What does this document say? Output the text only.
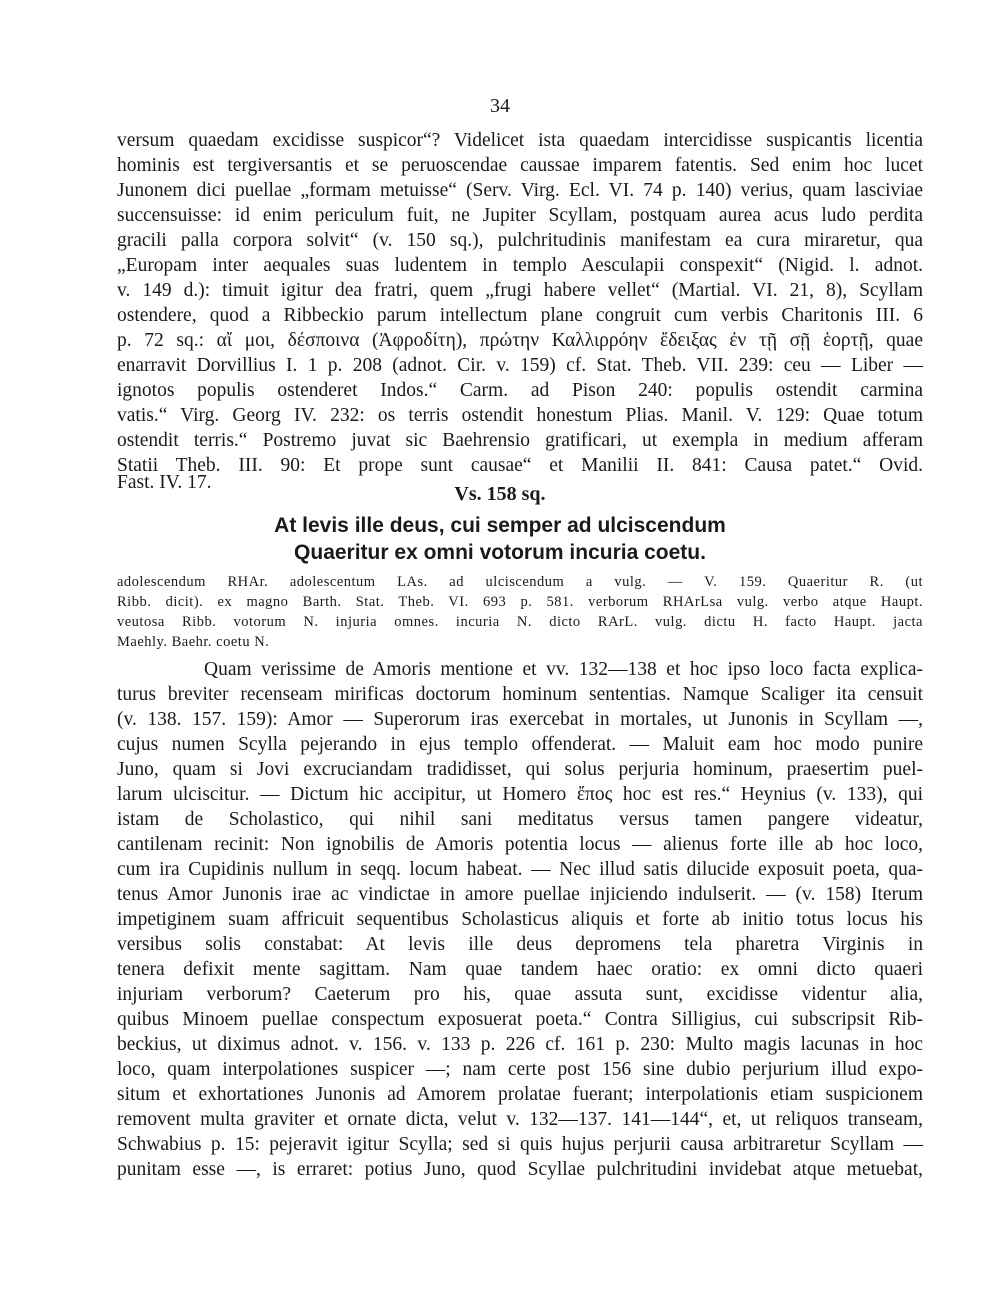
34

versum quaedam excidisse suspicor“? Videlicet ista quaedam intercidisse suspicantis licentia

hominis est tergiversantis et se peruoscendae caussae imparem fatentis. Sed enim hoc lucet

Junonem dici puellae „formam metuisse“ (Serv. Virg. Ecl. VI. 74 p. 140) verius, quam lasciviae

succensuisse: id enim periculum fuit, ne Jupiter Scyllam, postquam aurea acus ludo perdita

gracili palla corpora solvit“ (v. 150 sq.), pulchritudinis manifestam ea cura miraretur, qua

„Europam inter aequales suas ludentem in templo Aesculapii conspexit“ (Nigid. l. adnot.

v. 149 d.): timuit igitur dea fratri, quem „frugi habere vellet“ (Martial. VI. 21, 8), Scyllam

ostendere, quod a Ribbeckio parum intellectum plane congruit cum verbis Charitonis III. 6

p. 72 sq.: αἴ μοι, δέσποινα (Ἀφροδίτη), πρώτην Καλλιρρόην ἔδειξας ἐν τῇ σῇ ἑορτῇ, quae

enarravit Dorvillius I. 1 p. 208 (adnot. Cir. v. 159) cf. Stat. Theb. VII. 239: ceu — Liber —

ignotos populis ostenderet Indos.“ Carm. ad Pison 240: populis ostendit carmina

vatis.“ Virg. Georg IV. 232: os terris ostendit honestum Plias. Manil. V. 129: Quae totum

ostendit terris.“ Postremo juvat sic Baehrensio gratificari, ut exempla in medium afferam

Statii Theb. III. 90: Et prope sunt causae“ et Manilii II. 841: Causa patet.“ Ovid.

Fast. IV. 17.

Vs. 158 sq.
At levis ille deus, cui semper ad ulciscendum
Quaeritur ex omni votorum incuria coetu.

adolescendum RHAr. adolescentum LAs. ad ulciscendum a vulg. — V. 159. Quaeritur R. (ut

Ribb. dicit). ex magno Barth. Stat. Theb. VI. 693 p. 581. verborum RHArLsa vulg. verbo atque Haupt.

veutosa Ribb. votorum N. injuria omnes. incuria N. dicto RArL. vulg. dictu H. facto Haupt. jacta

Maehly. Baehr. coetu N.

Quam verissime de Amoris mentione et vv. 132—138 et hoc ipso loco facta explica-

turus breviter recenseam mirificas doctorum hominum sententias. Namque Scaliger ita censuit

(v. 138. 157. 159): Amor — Superorum iras exercebat in mortales, ut Junonis in Scyllam —,

cujus numen Scylla pejerando in ejus templo offenderat. — Maluit eam hoc modo punire

Juno, quam si Jovi excruciandam tradidisset, qui solus perjuria hominum, praesertim puel-

larum ulciscitur. — Dictum hic accipitur, ut Homero ἔπος hoc est res.“ Heynius (v. 133), qui

istam de Scholastico, qui nihil sani meditatus versus tamen pangere videatur,

cantilenam recinit: Non ignobilis de Amoris potentia locus — alienus forte ille ab hoc loco,

cum ira Cupidinis nullum in seqq. locum habeat. — Nec illud satis dilucide exposuit poeta, qua-

tenus Amor Junonis irae ac vindictae in amore puellae injiciendo indulserit. — (v. 158) Iterum

impetiginem suam affricuit sequentibus Scholasticus aliquis et forte ab initio totus locus his

versibus solis constabat: At levis ille deus depromens tela pharetra Virginis in

tenera defixit mente sagittam. Nam quae tandem haec oratio: ex omni dicto quaeri

injuriam verborum? Caeterum pro his, quae assuta sunt, excidisse videntur alia,

quibus Minoem puellae conspectum exposuerat poeta.“ Contra Silligius, cui subscripsit Rib-

beckius, ut diximus adnot. v. 156. v. 133 p. 226 cf. 161 p. 230: Multo magis lacunas in hoc

loco, quam interpolationes suspicer —; nam certe post 156 sine dubio perjurium illud expo-

situm et exhortationes Junonis ad Amorem prolatae fuerant; interpolationis etiam suspicionem

removent multa graviter et ornate dicta, velut v. 132—137. 141—144“, et, ut reliquos transeam,

Schwabius p. 15: pejeravit igitur Scylla; sed si quis hujus perjurii causa arbitraretur Scyllam —

punitam esse —, is erraret: potius Juno, quod Scyllae pulchritudini invidebat atque metuebat,
